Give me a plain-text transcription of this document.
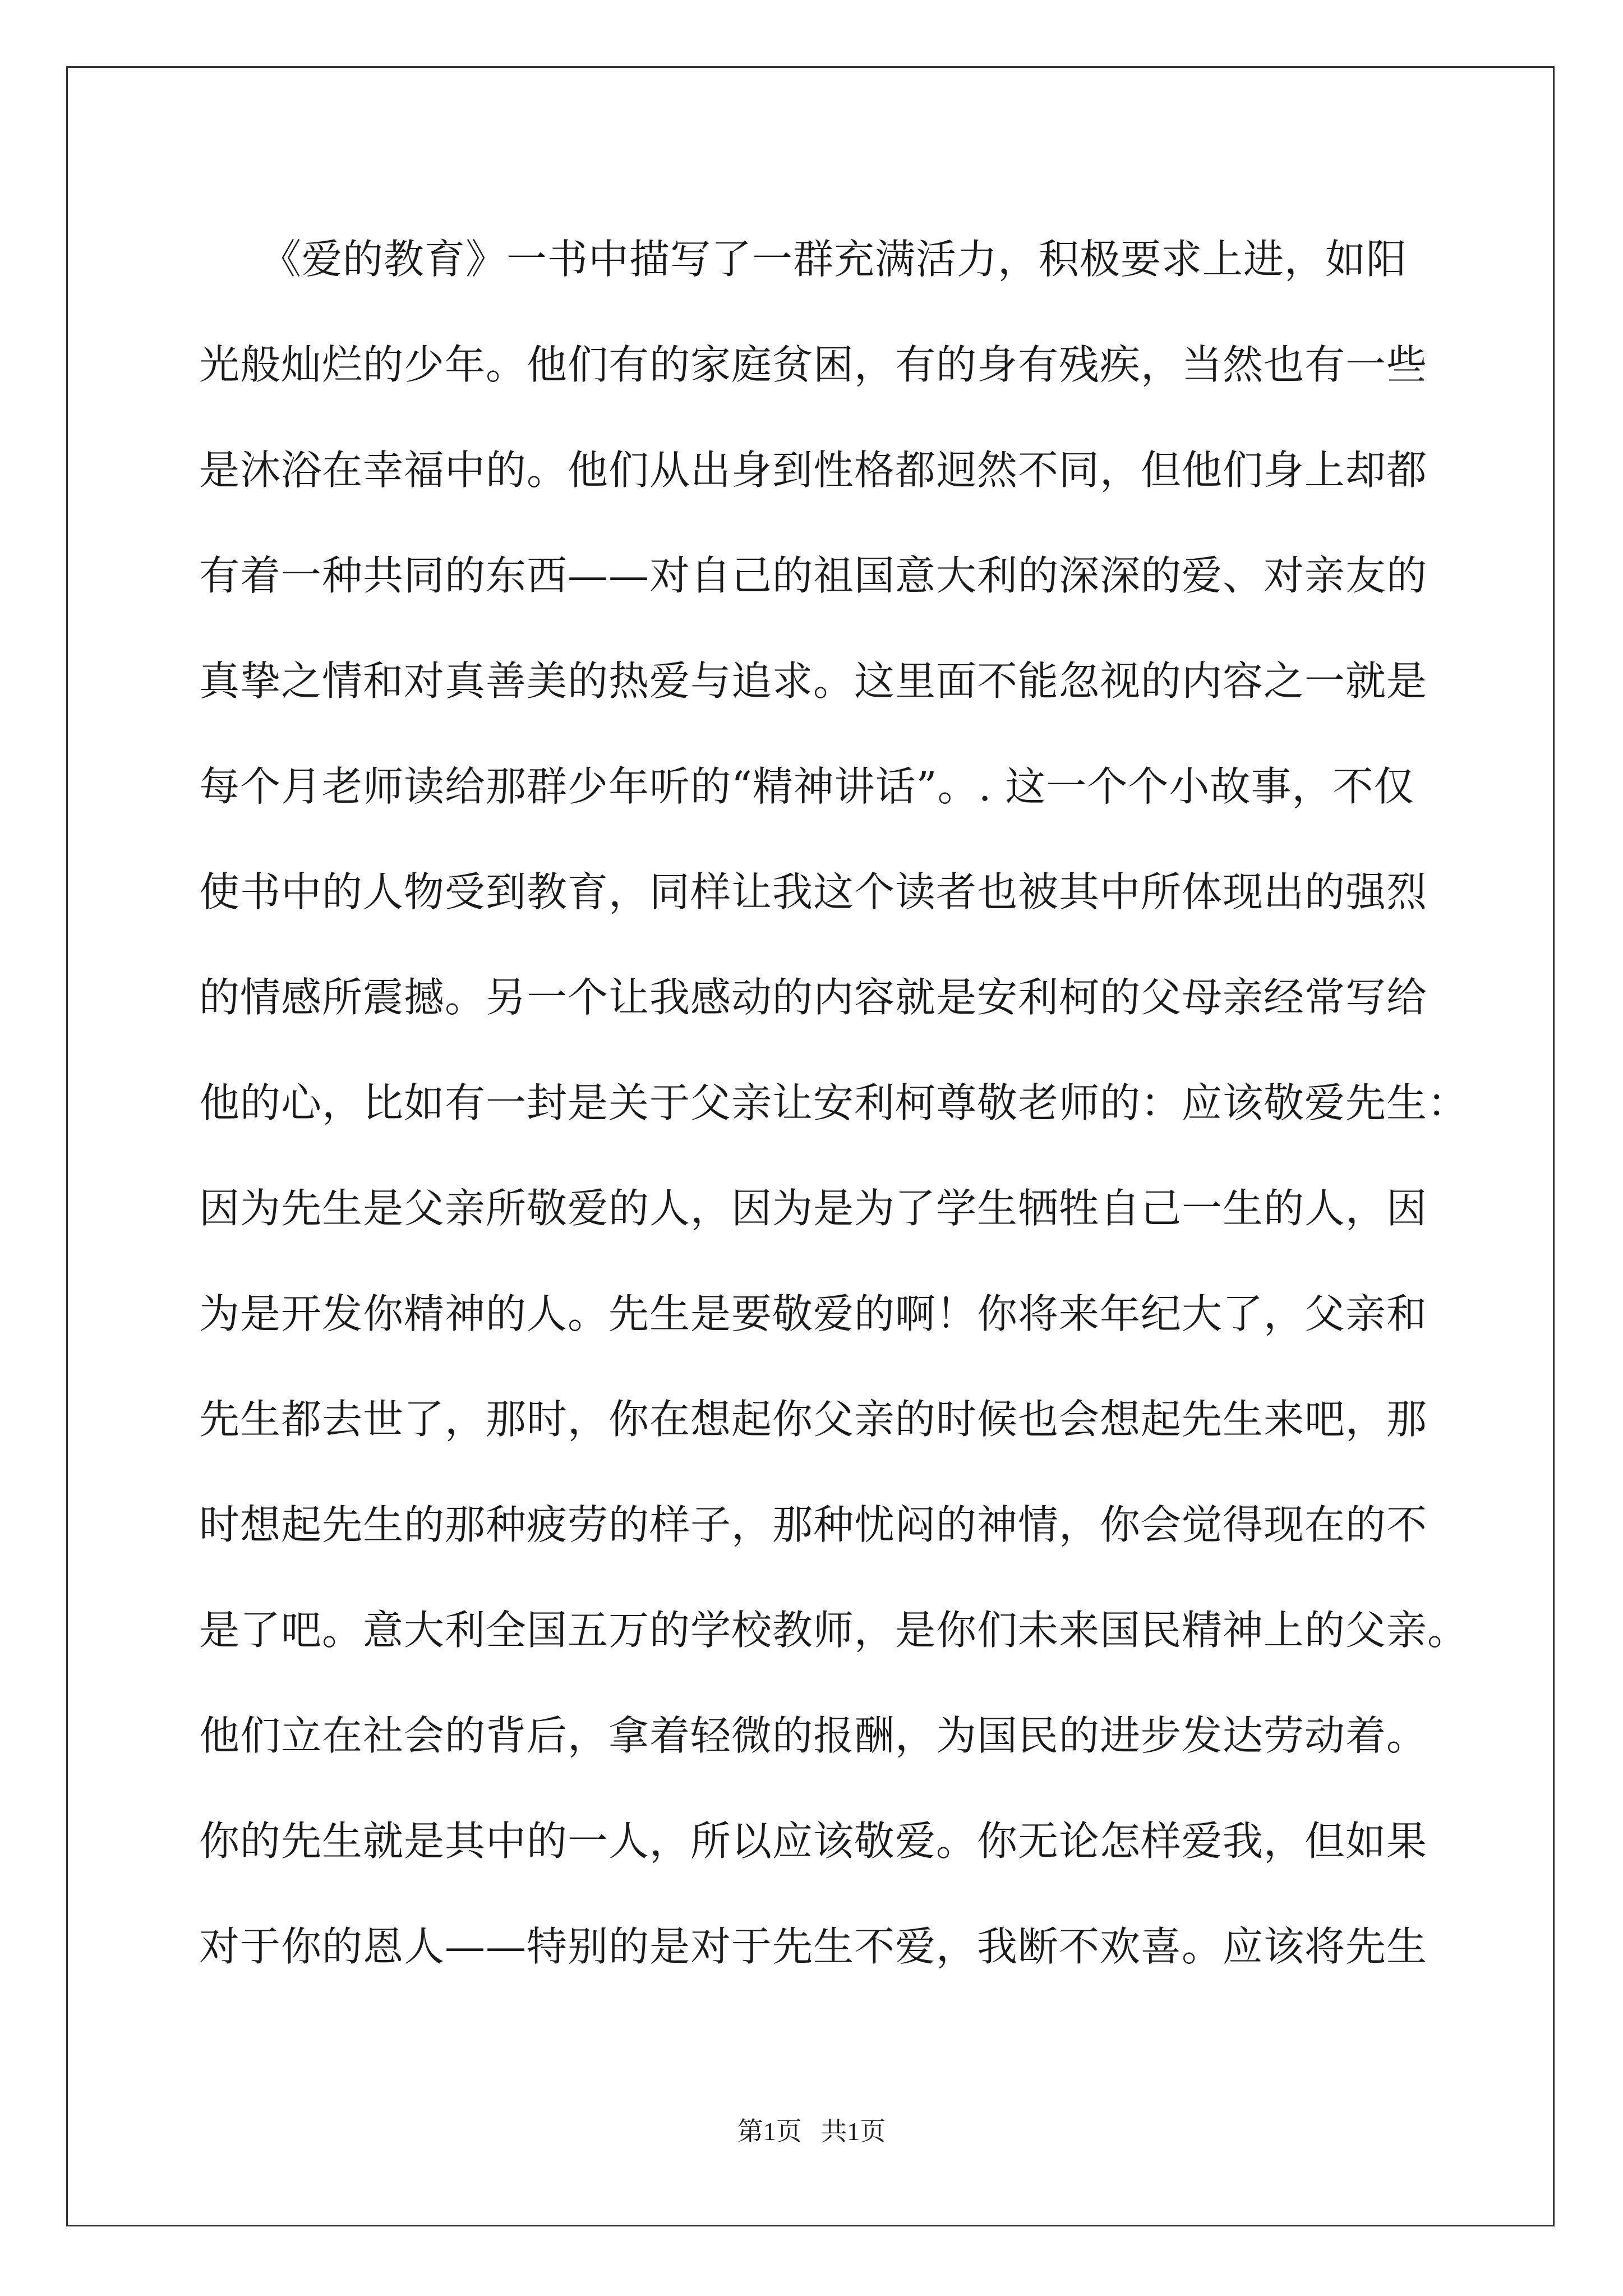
　　《爱的教育》一书中描写了一群充满活力，积极要求上进，如阳
光般灿烂的少年。他们有的家庭贫困，有的身有残疾，当然也有一些
是沐浴在幸福中的。他们从出身到性格都迥然不同，但他们身上却都
有着一种共同的东西——对自己的祖国意大利的深深的爱、对亲友的
真挚之情和对真善美的热爱与追求。这里面不能忽视的内容之一就是
每个月老师读给那群少年听的“精神讲话”。. 这一个个小故事，不仅
使书中的人物受到教育，同样让我这个读者也被其中所体现出的强烈
的情感所震撼。另一个让我感动的内容就是安利柯的父母亲经常写给
他的心，比如有一封是关于父亲让安利柯尊敬老师的：应该敬爱先生：
因为先生是父亲所敬爱的人，因为是为了学生牺牲自己一生的人，因
为是开发你精神的人。先生是要敬爱的啊！你将来年纪大了，父亲和
先生都去世了，那时，你在想起你父亲的时候也会想起先生来吧，那
时想起先生的那种疲劳的样子，那种忧闷的神情，你会觉得现在的不
是了吧。意大利全国五万的学校教师，是你们未来国民精神上的父亲。
他们立在社会的背后，拿着轻微的报酬，为国民的进步发达劳动着。
你的先生就是其中的一人，所以应该敬爱。你无论怎样爱我，但如果
对于你的恩人——特别的是对于先生不爱，我断不欢喜。应该将先生
第1页 共1页
